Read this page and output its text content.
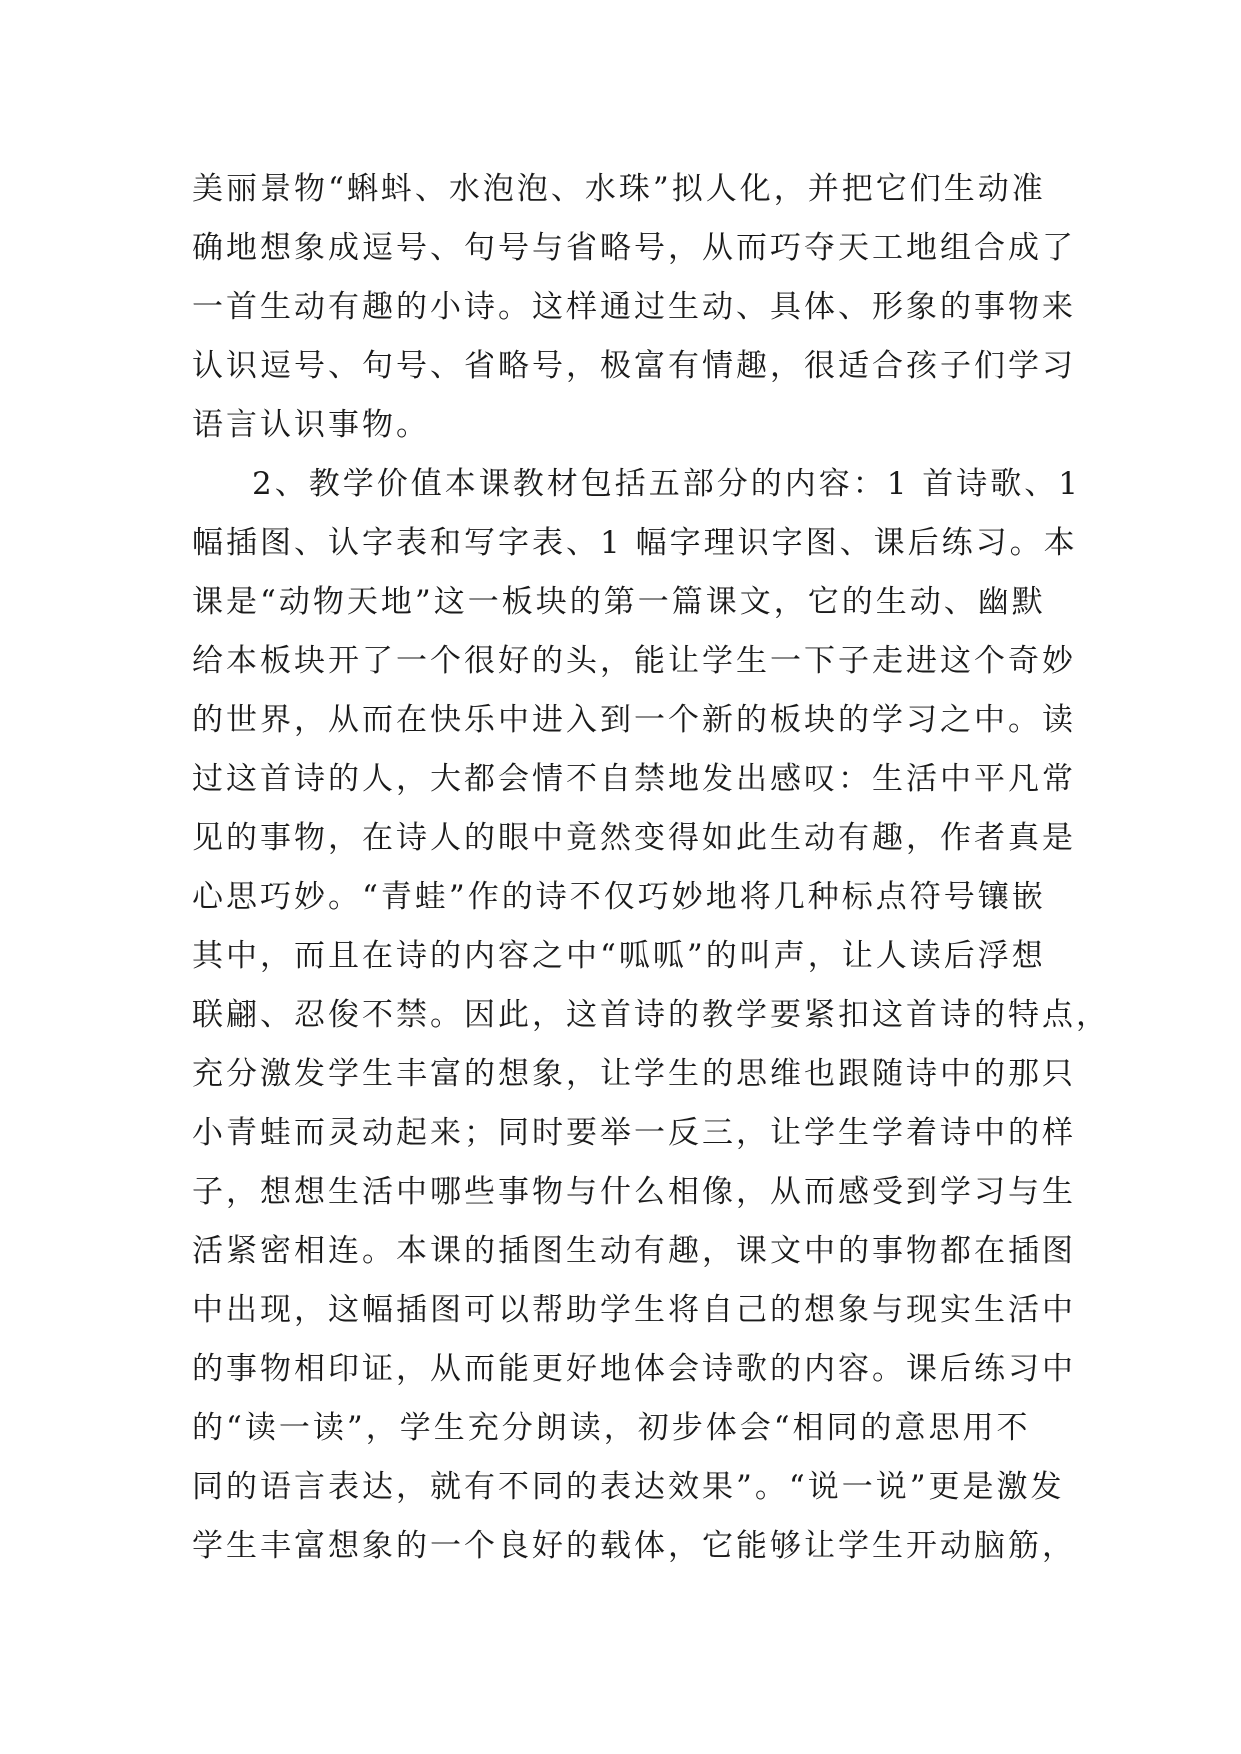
美丽景物“蝌蚪、水泡泡、水珠”拟人化，并把它们生动准
确地想象成逗号、句号与省略号，从而巧夺天工地组合成了
一首生动有趣的小诗。这样通过生动、具体、形象的事物来
认识逗号、句号、省略号，极富有情趣，很适合孩子们学习
语言认识事物。
2、教学价值本课教材包括五部分的内容：1 首诗歌、1
幅插图、认字表和写字表、1 幅字理识字图、课后练习。本
课是“动物天地”这一板块的第一篇课文，它的生动、幽默
给本板块开了一个很好的头，能让学生一下子走进这个奇妙
的世界，从而在快乐中进入到一个新的板块的学习之中。读
过这首诗的人，大都会情不自禁地发出感叹：生活中平凡常
见的事物，在诗人的眼中竟然变得如此生动有趣，作者真是
心思巧妙。“青蛙”作的诗不仅巧妙地将几种标点符号镶嵌
其中，而且在诗的内容之中“呱呱”的叫声，让人读后浮想
联翩、忍俊不禁。因此，这首诗的教学要紧扣这首诗的特点，
充分激发学生丰富的想象，让学生的思维也跟随诗中的那只
小青蛙而灵动起来；同时要举一反三，让学生学着诗中的样
子，想想生活中哪些事物与什么相像，从而感受到学习与生
活紧密相连。本课的插图生动有趣，课文中的事物都在插图
中出现，这幅插图可以帮助学生将自己的想象与现实生活中
的事物相印证，从而能更好地体会诗歌的内容。课后练习中
的“读一读”，学生充分朗读，初步体会“相同的意思用不
同的语言表达，就有不同的表达效果”。“说一说”更是激发
学生丰富想象的一个良好的载体，它能够让学生开动脑筋，
